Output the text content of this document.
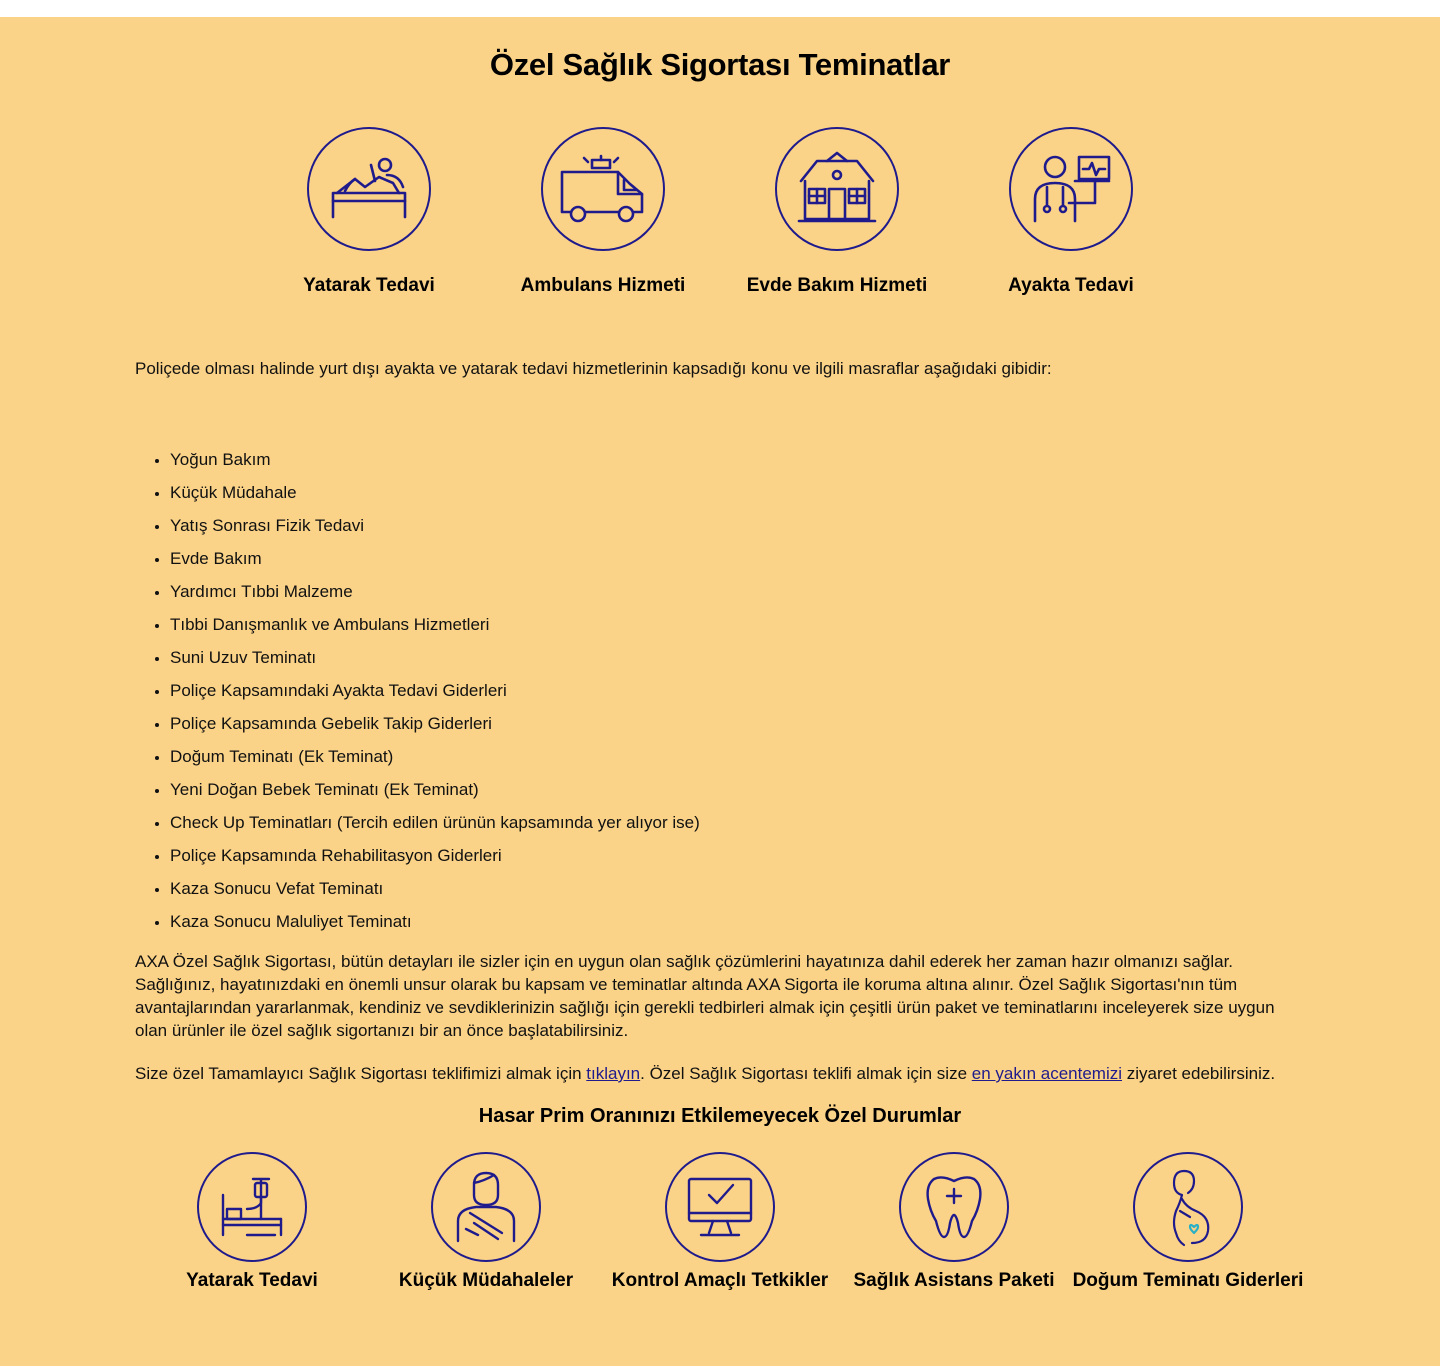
Özel Sağlık Sigortası Teminatlar
Yatarak Tedavi	Ambulans Hizmeti	Evde Bakım Hizmeti	Ayakta Tedavi

Poliçede olması halinde yurt dışı ayakta ve yatarak tedavi hizmetlerinin kapsadığı konu ve ilgili masraflar aşağıdaki gibidir:

• Yoğun Bakım
• Küçük Müdahale
• Yatış Sonrası Fizik Tedavi
• Evde Bakım
• Yardımcı Tıbbi Malzeme
• Tıbbi Danışmanlık ve Ambulans Hizmetleri
• Suni Uzuv Teminatı
• Poliçe Kapsamındaki Ayakta Tedavi Giderleri
• Poliçe Kapsamında Gebelik Takip Giderleri
• Doğum Teminatı (Ek Teminat)
• Yeni Doğan Bebek Teminatı (Ek Teminat)
• Check Up Teminatları (Tercih edilen ürünün kapsamında yer alıyor ise)
• Poliçe Kapsamında Rehabilitasyon Giderleri
• Kaza Sonucu Vefat Teminatı
• Kaza Sonucu Maluliyet Teminatı

AXA Özel Sağlık Sigortası, bütün detayları ile sizler için en uygun olan sağlık çözümlerini hayatınıza dahil ederek her zaman hazır olmanızı sağlar. Sağlığınız, hayatınızdaki en önemli unsur olarak bu kapsam ve teminatlar altında AXA Sigorta ile koruma altına alınır. Özel Sağlık Sigortası'nın tüm avantajlarından yararlanmak, kendiniz ve sevdiklerinizin sağlığı için gerekli tedbirleri almak için çeşitli ürün paket ve teminatlarını inceleyerek size uygun olan ürünler ile özel sağlık sigortanızı bir an önce başlatabilirsiniz.

Size özel Tamamlayıcı Sağlık Sigortası teklifimizi almak için tıklayın. Özel Sağlık Sigortası teklifi almak için size en yakın acentemizi ziyaret edebilirsiniz.

Hasar Prim Oranınızı Etkilemeyecek Özel Durumlar
Yatarak Tedavi	Küçük Müdahaleler Kontrol Amaçlı Tetkikler Sağlık Asistans Paketi Doğum Teminatı Giderleri
